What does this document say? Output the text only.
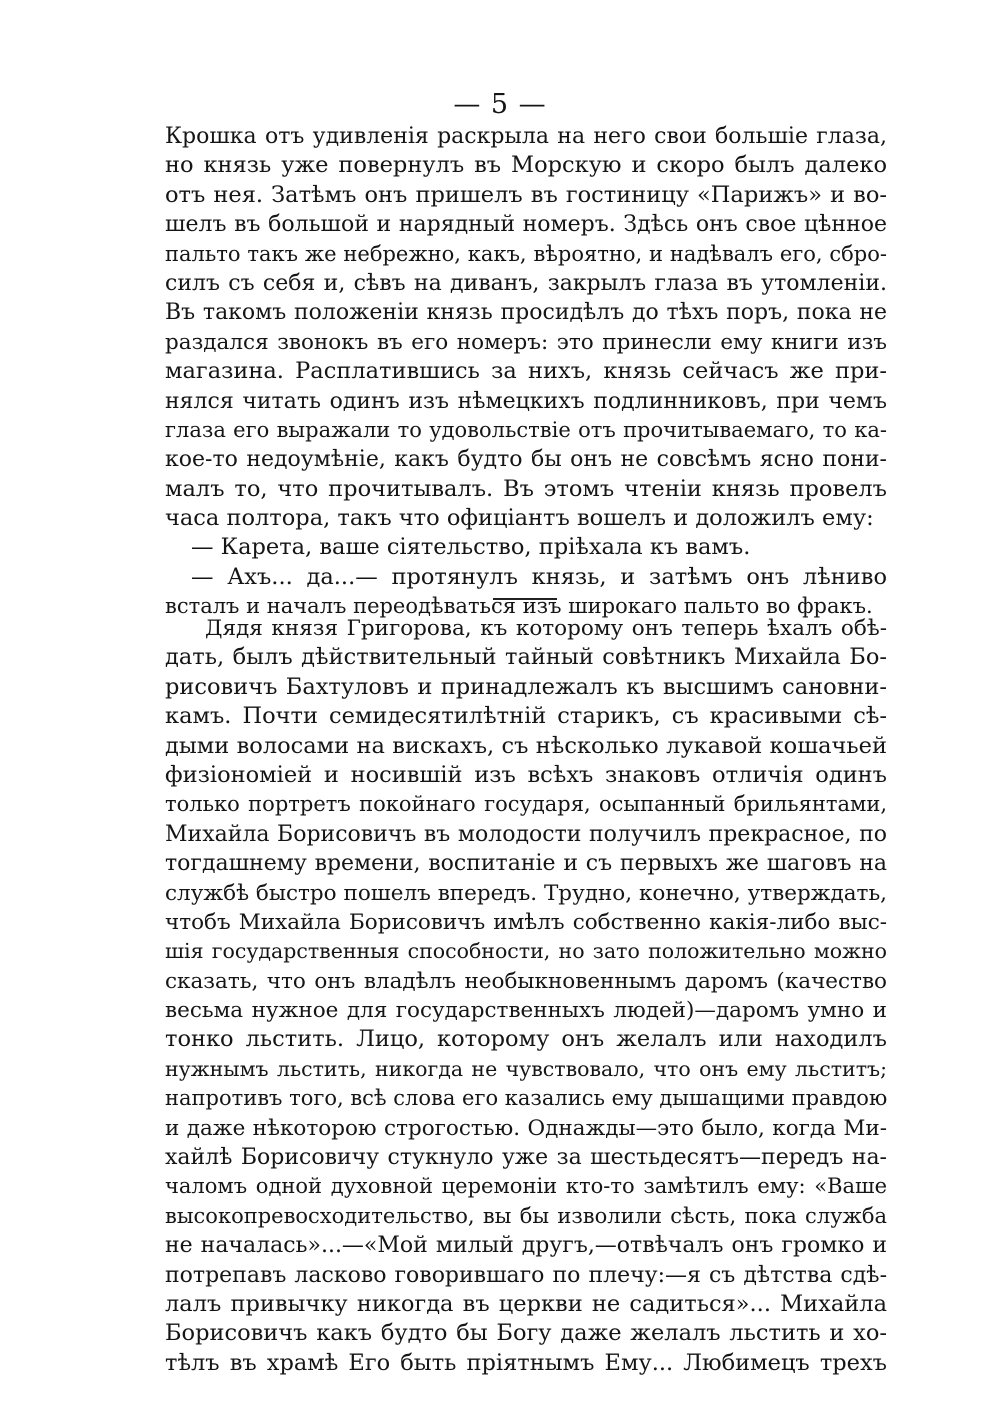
— 5 —
Крошка отъ удивленія раскрыла на него свои большіе глаза,
но князь уже повернулъ въ Морскую и скоро былъ далеко
отъ нея. Затѣмъ онъ пришелъ въ гостиницу «Парижъ» и во-
шелъ въ большой и нарядный номеръ. Здѣсь онъ свое цѣнное
пальто такъ же небрежно, какъ, вѣроятно, и надѣвалъ его, сбро-
силъ съ себя и, сѣвъ на диванъ, закрылъ глаза въ утомленіи.
Въ такомъ положеніи князь просидѣлъ до тѣхъ поръ, пока не
раздался звонокъ въ его номеръ: это принесли ему книги изъ
магазина. Расплатившись за нихъ, князь сейчасъ же при-
нялся читать одинъ изъ нѣмецкихъ подлинниковъ, при чемъ
глаза его выражали то удовольствіе отъ прочитываемаго, то ка-
кое-то недоумѣніе, какъ будто бы онъ не совсѣмъ ясно пони-
малъ то, что прочитывалъ. Въ этомъ чтеніи князь провелъ
часа полтора, такъ что офиціантъ вошелъ и доложилъ ему:
— Карета, ваше сіятельство, пріѣхала къ вамъ.
— Ахъ... да...— протянулъ князь, и затѣмъ онъ лѣниво
всталъ и началъ переодѣваться изъ широкаго пальто во фракъ.
Дядя князя Григорова, къ которому онъ теперь ѣхалъ обѣ-
дать, былъ дѣйствительный тайный совѣтникъ Михайла Бо-
рисовичъ Бахтуловъ и принадлежалъ къ высшимъ сановни-
камъ. Почти семидесятилѣтній старикъ, съ красивыми сѣ-
дыми волосами на вискахъ, съ нѣсколько лукавой кошачьей
физіономіей и носившій изъ всѣхъ знаковъ отличія одинъ
только портретъ покойнаго государя, осыпанный брильянтами,
Михайла Борисовичъ въ молодости получилъ прекрасное, по
тогдашнему времени, воспитаніе и съ первыхъ же шаговъ на
службѣ быстро пошелъ впередъ. Трудно, конечно, утверждать,
чтобъ Михайла Борисовичъ имѣлъ собственно какія-либо выс-
шія государственныя способности, но зато положительно можно
сказать, что онъ владѣлъ необыкновеннымъ даромъ (качество
весьма нужное для государственныхъ людей)—даромъ умно и
тонко льстить. Лицо, которому онъ желалъ или находилъ
нужнымъ льстить, никогда не чувствовало, что онъ ему льститъ;
напротивъ того, всѣ слова его казались ему дышащими правдою
и даже нѣкоторою строгостью. Однажды—это было, когда Ми-
хайлѣ Борисовичу стукнуло уже за шестьдесятъ—передъ на-
чаломъ одной духовной церемоніи кто-то замѣтилъ ему: «Ваше
высокопревосходительство, вы бы изволили сѣсть, пока служба
не началась»...—«Мой милый другъ,—отвѣчалъ онъ громко и
потрепавъ ласково говорившаго по плечу:—я съ дѣтства сдѣ-
лалъ привычку никогда въ церкви не садиться»... Михайла
Борисовичъ какъ будто бы Богу даже желалъ льстить и хо-
тѣлъ въ храмѣ Его быть пріятнымъ Ему... Любимецъ трехъ
